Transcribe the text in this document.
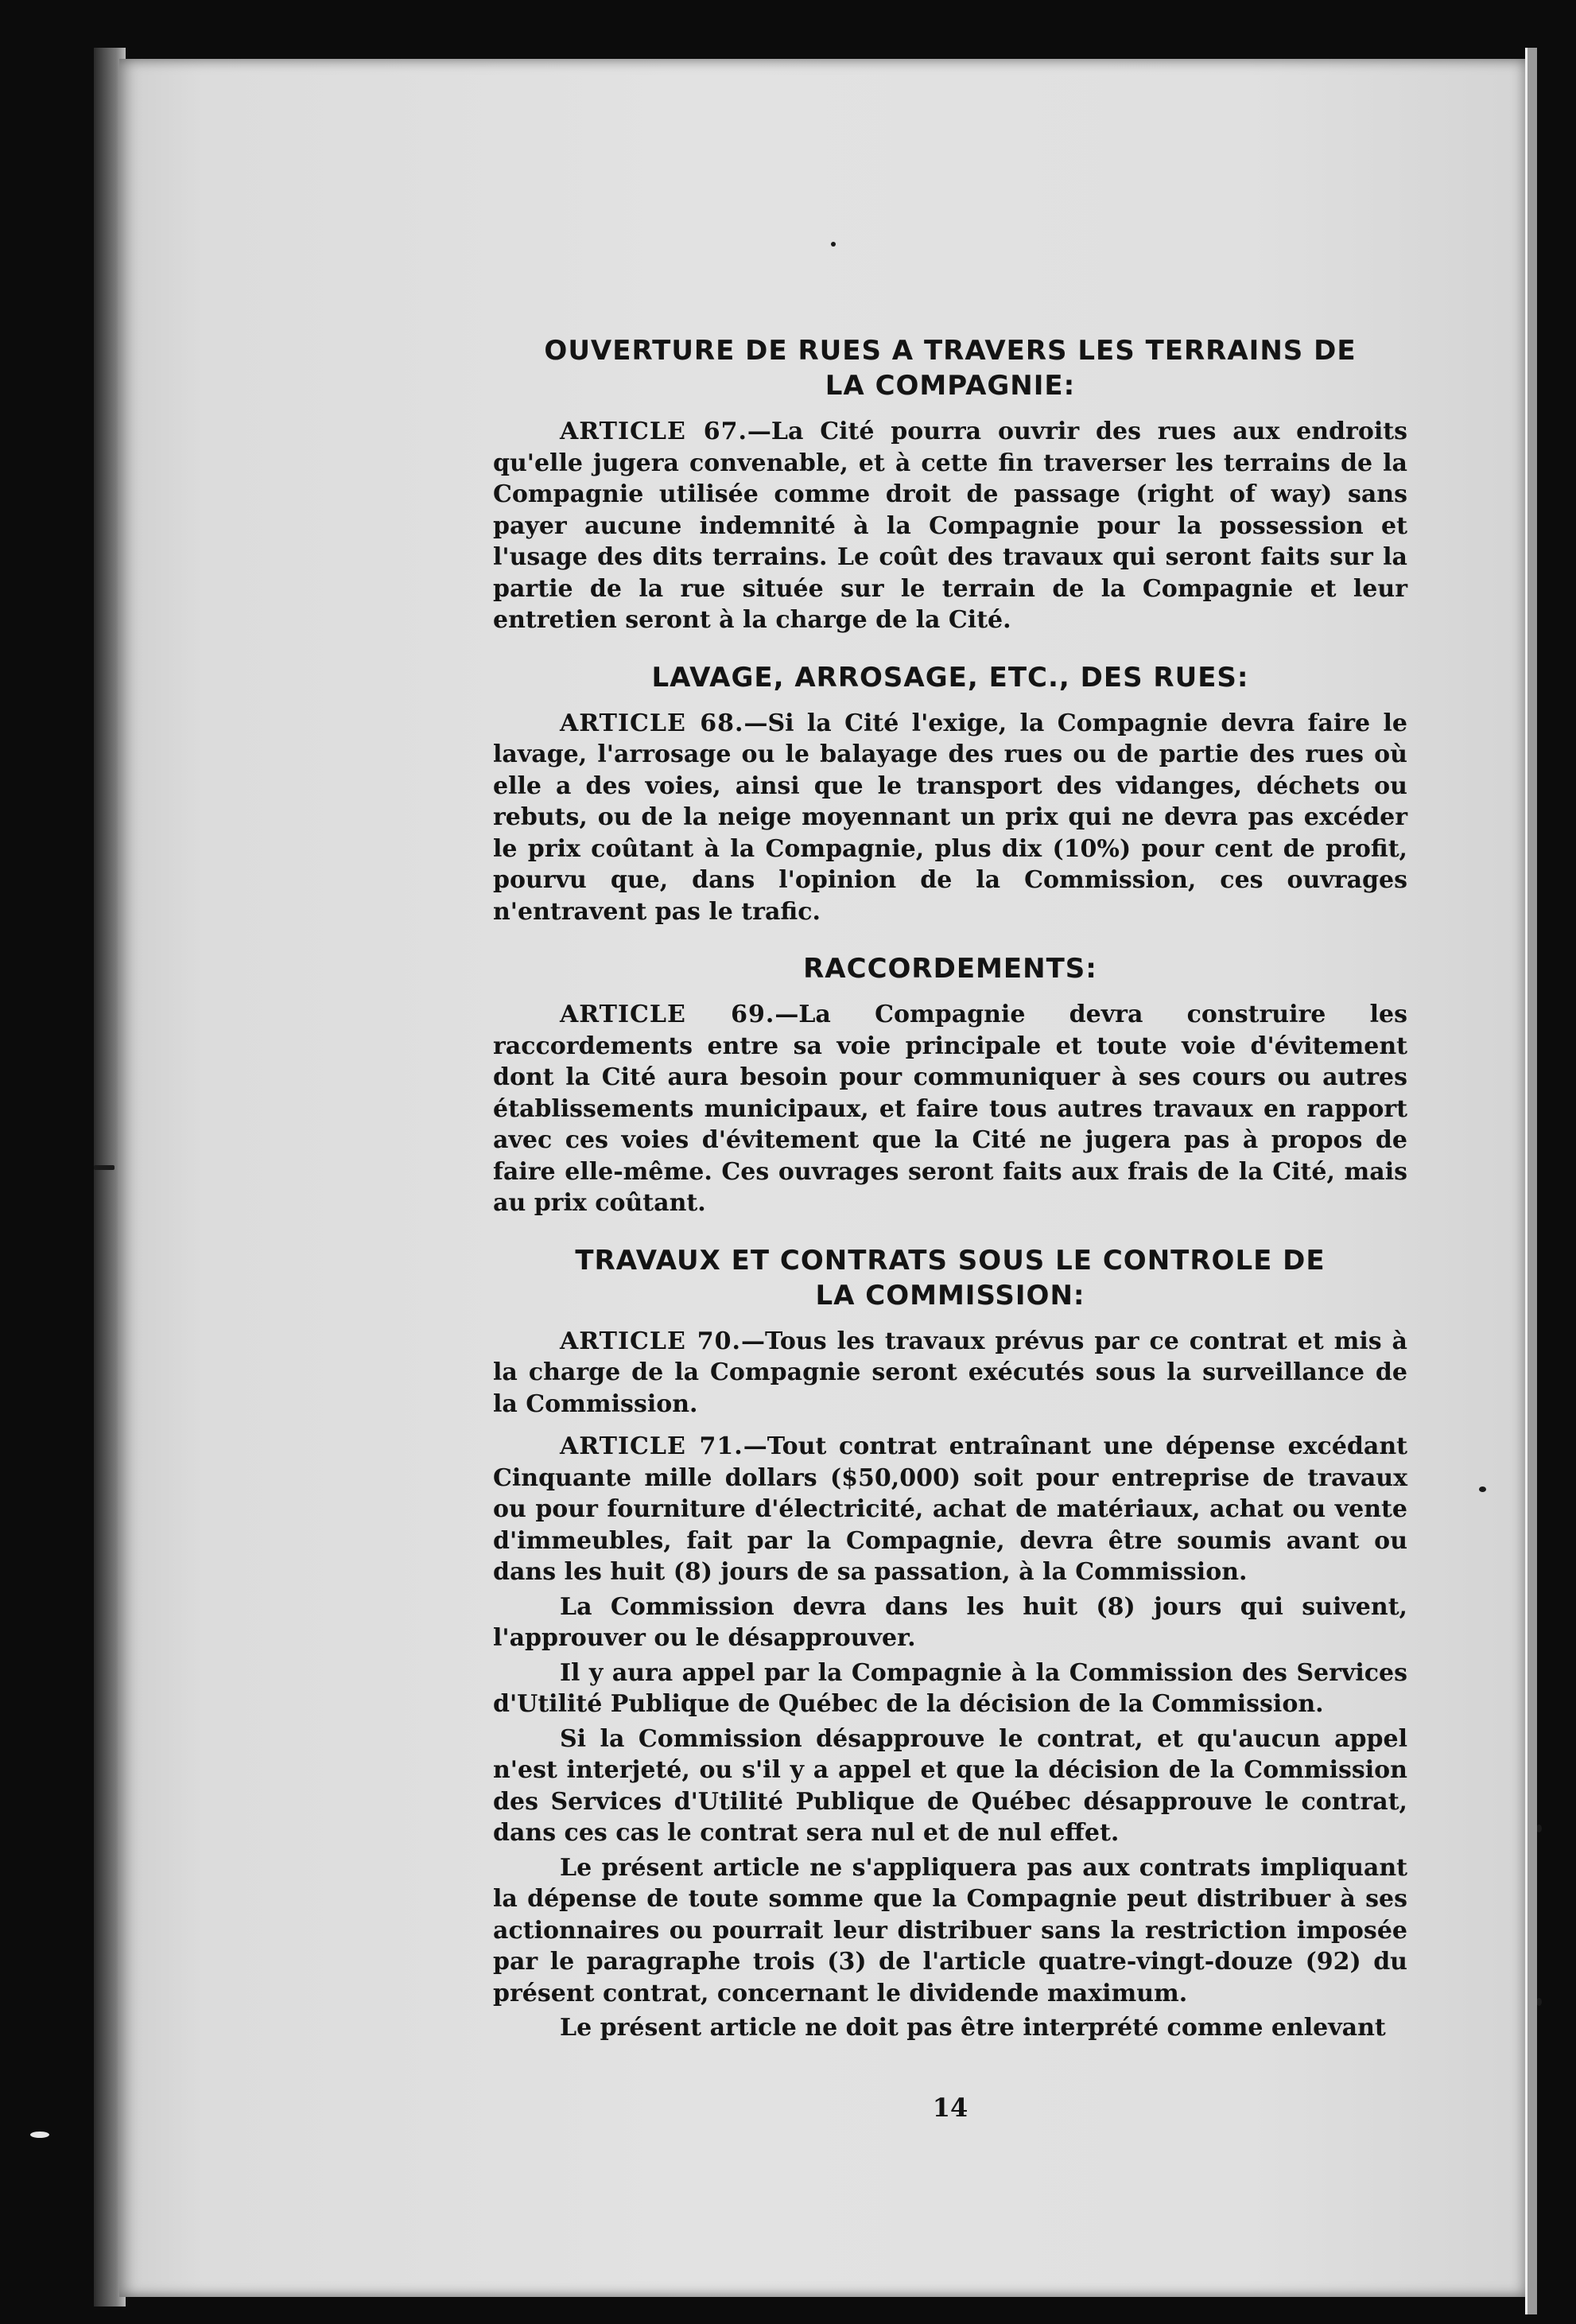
OUVERTURE DE RUES A TRAVERS LES TERRAINS DE
LA COMPAGNIE:

ARTICLE 67.—La Cité pourra ouvrir des rues aux endroits qu'elle jugera convenable, et à cette fin traverser les terrains de la Compagnie utilisée comme droit de passage (right of way) sans payer aucune indemnité à la Compagnie pour la possession et l'usage des dits terrains. Le coût des travaux qui seront faits sur la partie de la rue située sur le terrain de la Compagnie et leur entretien seront à la charge de la Cité.

LAVAGE, ARROSAGE, ETC., DES RUES:

ARTICLE 68.—Si la Cité l'exige, la Compagnie devra faire le lavage, l'arrosage ou le balayage des rues ou de partie des rues où elle a des voies, ainsi que le transport des vidanges, déchets ou rebuts, ou de la neige moyennant un prix qui ne devra pas excéder le prix coûtant à la Compagnie, plus dix (10%) pour cent de profit, pourvu que, dans l'opinion de la Commission, ces ouvrages n'entravent pas le trafic.

RACCORDEMENTS:

ARTICLE 69.—La Compagnie devra construire les raccordements entre sa voie principale et toute voie d'évitement dont la Cité aura besoin pour communiquer à ses cours ou autres établissements municipaux, et faire tous autres travaux en rapport avec ces voies d'évitement que la Cité ne jugera pas à propos de faire elle-même. Ces ouvrages seront faits aux frais de la Cité, mais au prix coûtant.

TRAVAUX ET CONTRATS SOUS LE CONTROLE DE
LA COMMISSION:

ARTICLE 70.—Tous les travaux prévus par ce contrat et mis à la charge de la Compagnie seront exécutés sous la surveillance de la Commission.

ARTICLE 71.—Tout contrat entraînant une dépense excédant Cinquante mille dollars ($50,000) soit pour entreprise de travaux ou pour fourniture d'électricité, achat de matériaux, achat ou vente d'immeubles, fait par la Compagnie, devra être soumis avant ou dans les huit (8) jours de sa passation, à la Commission.

La Commission devra dans les huit (8) jours qui suivent, l'approuver ou le désapprouver.

Il y aura appel par la Compagnie à la Commission des Services d'Utilité Publique de Québec de la décision de la Commission.

Si la Commission désapprouve le contrat, et qu'aucun appel n'est interjeté, ou s'il y a appel et que la décision de la Commission des Services d'Utilité Publique de Québec désapprouve le contrat, dans ces cas le contrat sera nul et de nul effet.

Le présent article ne s'appliquera pas aux contrats impliquant la dépense de toute somme que la Compagnie peut distribuer à ses actionnaires ou pourrait leur distribuer sans la restriction imposée par le paragraphe trois (3) de l'article quatre-vingt-douze (92) du présent contrat, concernant le dividende maximum.

Le présent article ne doit pas être interprété comme enlevant

14
